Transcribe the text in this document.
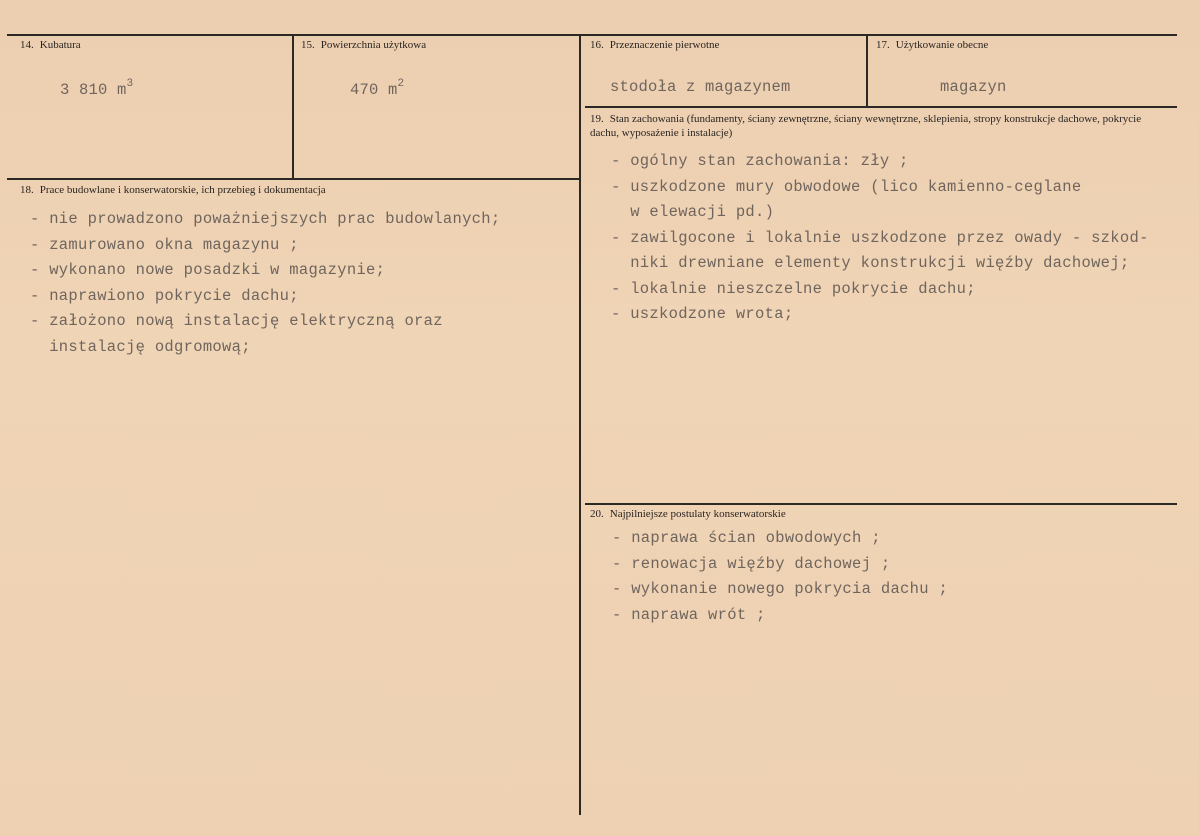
14. Kubatura
3 810 $m^3$
15. Powierzchnia użytkowa
470 $m^2$
16. Przeznaczenie pierwotne
stodoła z magazynem
17. Użytkowanie obecne
magazyn
18. Prace budowlane i konserwatorskie, ich przebieg i dokumentacja
- nie prowadzono poważniejszych prac budowlanych;
- zamurowano okna magazynu ;
- wykonano nowe posadzki w magazynie;
- naprawiono pokrycie dachu;
- założono nową instalację elektryczną oraz
instalację odgromową;
19. Stan zachowania (fundamenty, ściany zewnętrzne, ściany wewnętrzne, sklepienia, stropy konstrukcje dachowe, pokrycie dachu, wyposażenie i instalacje)
- ogólny stan zachowania: zły ;
- uszkodzone mury obwodowe (lico kamienno-ceglane
w elewacji pd.)
- zawilgocone i lokalnie uszkodzone przez owady - szkod-
niki drewniane elementy konstrukcji więźby dachowej;
- lokalnie nieszczelne pokrycie dachu;
- uszkodzone wrota;
20. Najpilniejsze postulaty konserwatorskie
- naprawa ścian obwodowych ;
- renowacja więźby dachowej ;
- wykonanie nowego pokrycia dachu ;
- naprawa wrót ;
